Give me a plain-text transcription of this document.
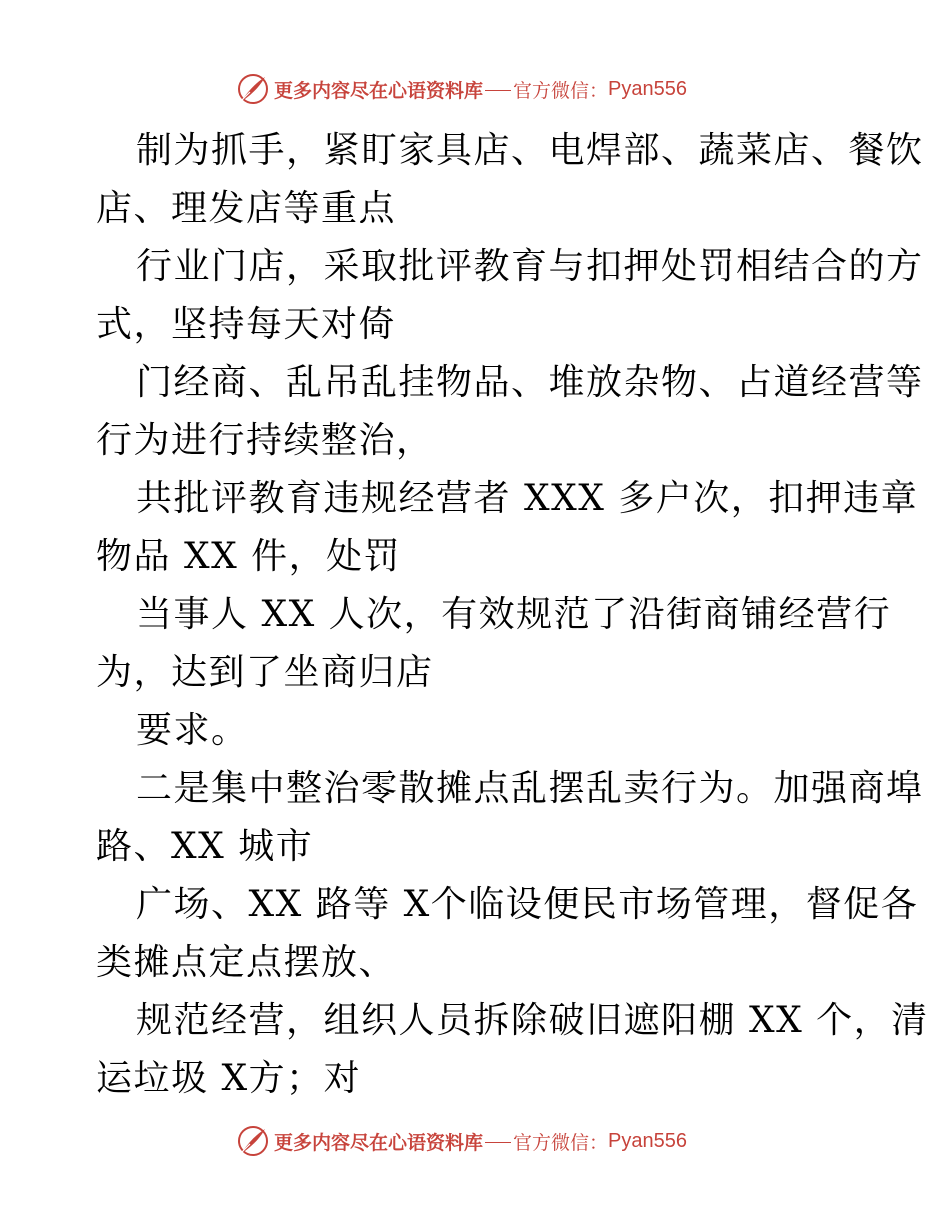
更多内容尽在心语资料库 官方微信： Pyan556
制为抓手，紧盯家具店、电焊部、蔬菜店、餐饮
店、理发店等重点
行业门店，采取批评教育与扣押处罚相结合的方
式，坚持每天对倚
门经商、乱吊乱挂物品、堆放杂物、占道经营等
行为进行持续整治，
共批评教育违规经营者 XXX 多户次，扣押违章
物品 XX 件，处罚
当事人 XX 人次，有效规范了沿街商铺经营行
为，达到了坐商归店
要求。
二是集中整治零散摊点乱摆乱卖行为。加强商埠
路、XX 城市
广场、XX 路等 X个临设便民市场管理，督促各
类摊点定点摆放、
规范经营，组织人员拆除破旧遮阳棚 XX 个，清
运垃圾 X方；对
更多内容尽在心语资料库 官方微信： Pyan556
